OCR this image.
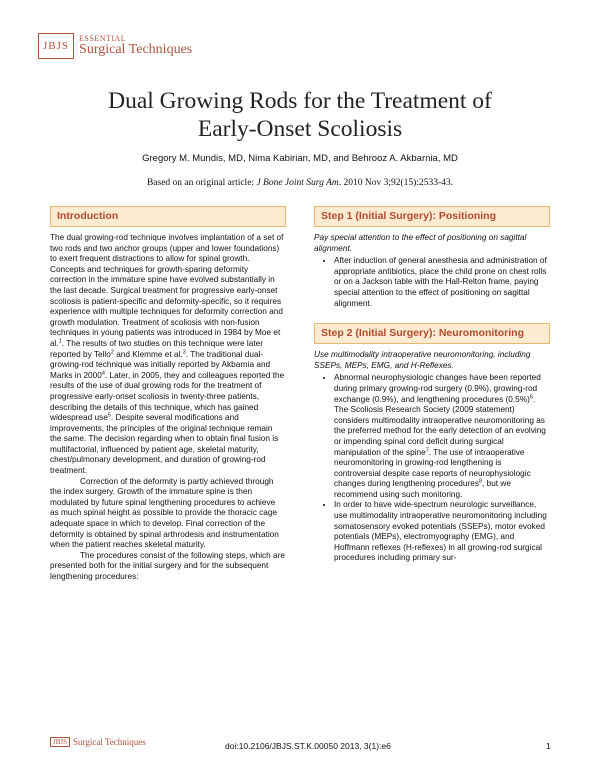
JBJS
ESSENTIAL
Surgical Techniques
Dual Growing Rods for the Treatment of
Early-Onset Scoliosis
Gregory M. Mundis, MD, Nima Kabirian, MD, and Behrooz A. Akbarnia, MD
Based on an original article: J Bone Joint Surg Am. 2010 Nov 3;92(15):2533-43.
Introduction

The dual growing-rod technique involves implantation of a set of two rods and two anchor groups (upper and lower foundations) to exert frequent distractions to allow for spinal growth. Concepts and techniques for growth-sparing deformity correction in the immature spine have evolved substantially in the last decade. Surgical treatment for progressive early-onset scoliosis is patient-specific and deformity-specific, so it requires experience with multiple techniques for deformity correction and growth modulation. Treatment of scoliosis with non-fusion techniques in young patients was introduced in 1984 by Moe et al.$^1$. The results of two studies on this technique were later reported by Tello$^2$ and Klemme et al.$^3$. The traditional dual-growing-rod technique was initially reported by Akbarnia and Marks in 2000$^4$. Later, in 2005, they and colleagues reported the results of the use of dual growing rods for the treatment of progressive early-onset scoliosis in twenty-three patients, describing the details of this technique, which has gained widespread use$^5$. Despite several modifications and improvements, the principles of the original technique remain the same. The decision regarding when to obtain final fusion is multifactorial, influenced by patient age, skeletal maturity, chest/pulmonary development, and duration of growing-rod treatment.

Correction of the deformity is partly achieved through the index surgery. Growth of the immature spine is then modulated by future spinal lengthening procedures to achieve as much spinal height as possible to provide the thoracic cage adequate space in which to develop. Final correction of the deformity is obtained by spinal arthrodesis and instrumentation when the patient reaches skeletal maturity.

The procedures consist of the following steps, which are presented both for the initial surgery and for the subsequent lengthening procedures:

Step 1 (Initial Surgery): Positioning

Pay special attention to the effect of positioning on sagittal alignment.

• After induction of general anesthesia and administration of appropriate antibiotics, place the child prone on chest rolls or on a Jackson table with the Hall-Relton frame, paying special attention to the effect of positioning on sagittal alignment.
Step 2 (Initial Surgery): Neuromonitoring

Use multimodality intraoperative neuromonitoring, including SSEPs, MEPs, EMG, and H-Reflexes.

• Abnormal neurophysiologic changes have been reported during primary growing-rod surgery (0.9%), growing-rod exchange (0.9%), and lengthening procedures $(0.5\%)^6$. The Scoliosis Research Society (2009 statement) considers multimodality intraoperative neuromonitoring as the preferred method for the early detection of an evolving or impending spinal cord deficit during surgical manipulation of the spine$^7$. The use of intraoperative neuromonitoring in growing-rod lengthening is controversial despite case reports of neurophysiologic changes during lengthening procedures$^8$, but we recommend using such monitoring.
• In order to have wide-spectrum neurologic surveillance, use multimodality intraoperative neuromonitoring including somatosensory evoked potentials (SSEPs), motor evoked potentials (MEPs), electromyography (EMG), and Hoffmann reflexes (H-reflexes) in all growing-rod surgical procedures including primary sur-
JBJS Surgical Techniques	doi:10.2106/JBJS.ST.K.00050 2013, 3(1):e6	1
